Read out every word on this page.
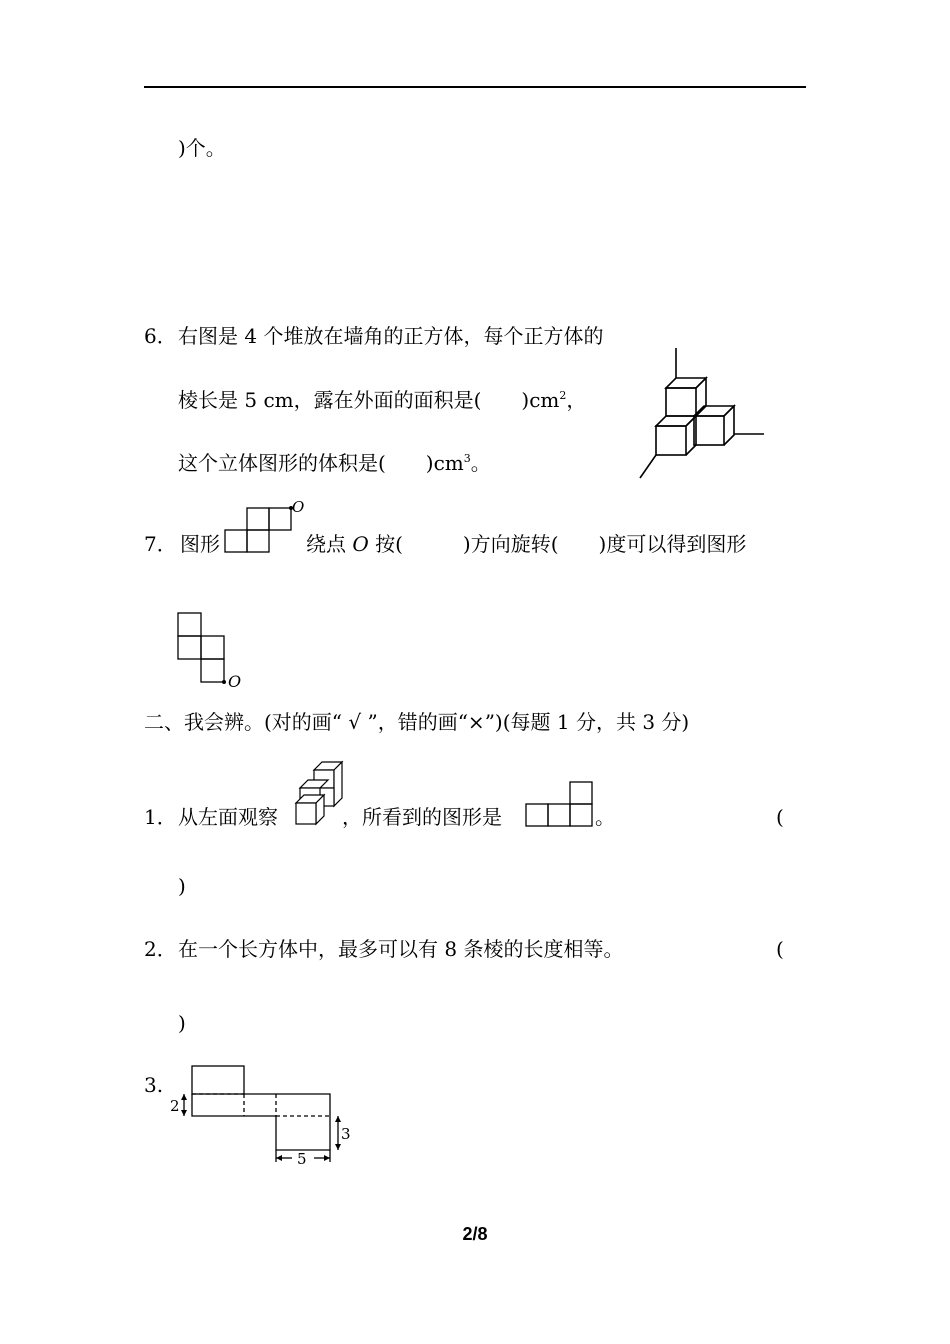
)个。
6． 右图是 4 个堆放在墙角的正方体，每个正方体的
棱长是 5 cm，露在外面的面积是(　　)$cm^2$，
这个立体图形的体积是(　　)$cm^3$。
7． 图形
O
绕点 O 按(　　　)方向旋转(　　)度可以得到图形
O
二、我会辨。(对的画“ √ ”，错的画“×”)(每题 1 分，共 3 分)
1． 从左面观察	，所看到的图形是	。	(
)
2． 在一个长方体中，最多可以有 8 条棱的长度相等。	(
)
3.
2
3
5
2/8
